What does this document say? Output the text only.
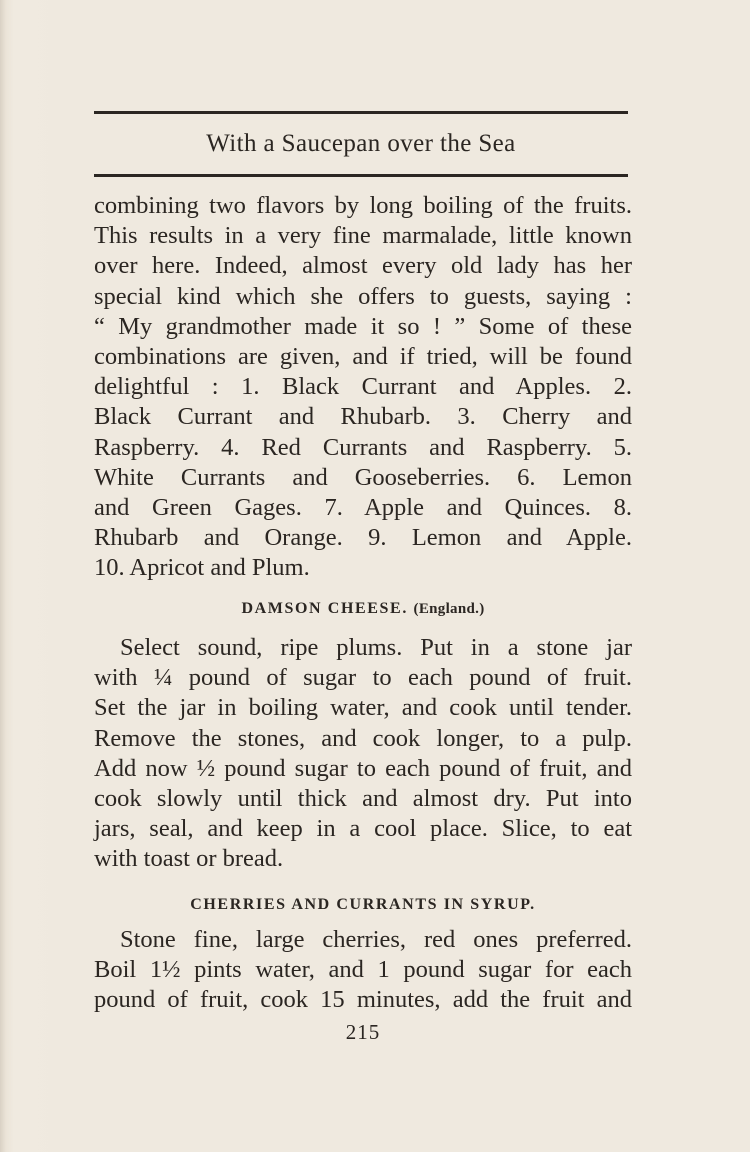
With a Saucepan over the Sea
combining two flavors by long boiling of the fruits.
This results in a very fine marmalade, little known
over here. Indeed, almost every old lady has her
special kind which she offers to guests, saying :
“ My grandmother made it so ! ” Some of these
combinations are given, and if tried, will be found
delightful : 1. Black Currant and Apples. 2.
Black Currant and Rhubarb. 3. Cherry and
Raspberry. 4. Red Currants and Raspberry. 5.
White Currants and Gooseberries. 6. Lemon
and Green Gages. 7. Apple and Quinces. 8.
Rhubarb and Orange. 9. Lemon and Apple.
10. Apricot and Plum.
DAMSON CHEESE. (England.)
Select sound, ripe plums. Put in a stone jar
with ¼ pound of sugar to each pound of fruit.
Set the jar in boiling water, and cook until tender.
Remove the stones, and cook longer, to a pulp.
Add now ½ pound sugar to each pound of fruit, and
cook slowly until thick and almost dry. Put into
jars, seal, and keep in a cool place. Slice, to eat
with toast or bread.
CHERRIES AND CURRANTS IN SYRUP.
Stone fine, large cherries, red ones preferred.
Boil 1½ pints water, and 1 pound sugar for each
pound of fruit, cook 15 minutes, add the fruit and
215
